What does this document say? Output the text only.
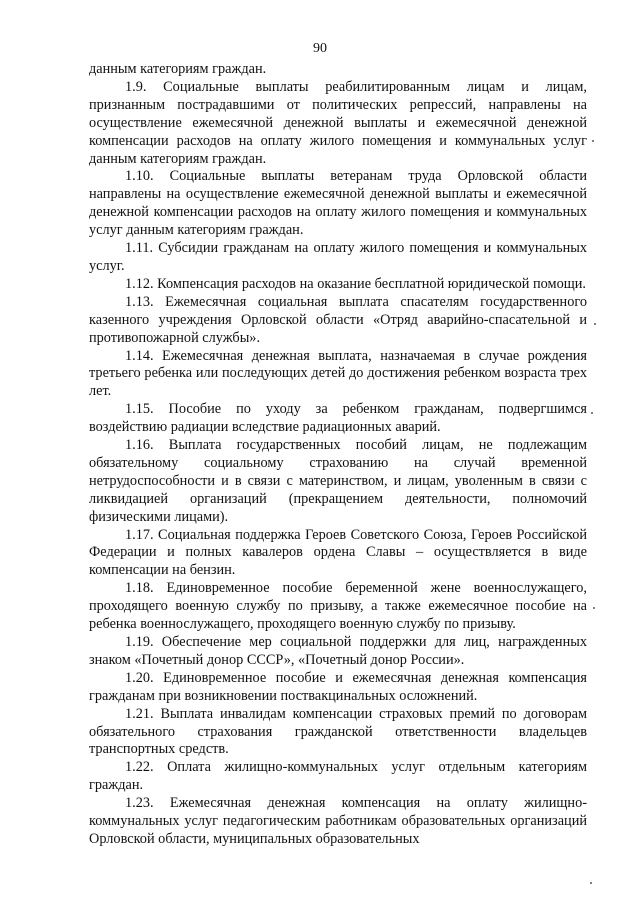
90

данным категориям граждан.

1.9. Социальные выплаты реабилитированным лицам и лицам, признанным пострадавшими от политических репрессий, направлены на осуществление ежемесячной денежной выплаты и ежемесячной денежной компенсации расходов на оплату жилого помещения и коммунальных услуг данным категориям граждан.

1.10. Социальные выплаты ветеранам труда Орловской области направлены на осуществление ежемесячной денежной выплаты и ежемесячной денежной компенсации расходов на оплату жилого помещения и коммунальных услуг данным категориям граждан.

1.11. Субсидии гражданам на оплату жилого помещения и коммунальных услуг.

1.12. Компенсация расходов на оказание бесплатной юридической помощи.

1.13. Ежемесячная социальная выплата спасателям государственного казенного учреждения Орловской области «Отряд аварийно-спасательной и противопожарной службы».

1.14. Ежемесячная денежная выплата, назначаемая в случае рождения третьего ребенка или последующих детей до достижения ребенком возраста трех лет.

1.15. Пособие по уходу за ребенком гражданам, подвергшимся воздействию радиации вследствие радиационных аварий.

1.16. Выплата государственных пособий лицам, не подлежащим обязательному социальному страхованию на случай временной нетрудоспособности и в связи с материнством, и лицам, уволенным в связи с ликвидацией организаций (прекращением деятельности, полномочий физическими лицами).

1.17. Социальная поддержка Героев Советского Союза, Героев Российской Федерации и полных кавалеров ордена Славы – осуществляется в виде компенсации на бензин.

1.18. Единовременное пособие беременной жене военнослужащего, проходящего военную службу по призыву, а также ежемесячное пособие на ребенка военнослужащего, проходящего военную службу по призыву.

1.19. Обеспечение мер социальной поддержки для лиц, награжденных знаком «Почетный донор СССР», «Почетный донор России».

1.20. Единовременное пособие и ежемесячная денежная компенсация гражданам при возникновении поствакцинальных осложнений.

1.21. Выплата инвалидам компенсации страховых премий по договорам обязательного страхования гражданской ответственности владельцев транспортных средств.

1.22. Оплата жилищно-коммунальных услуг отдельным категориям граждан.

1.23. Ежемесячная денежная компенсация на оплату жилищно-коммунальных услуг педагогическим работникам образовательных организаций Орловской области, муниципальных образовательных
